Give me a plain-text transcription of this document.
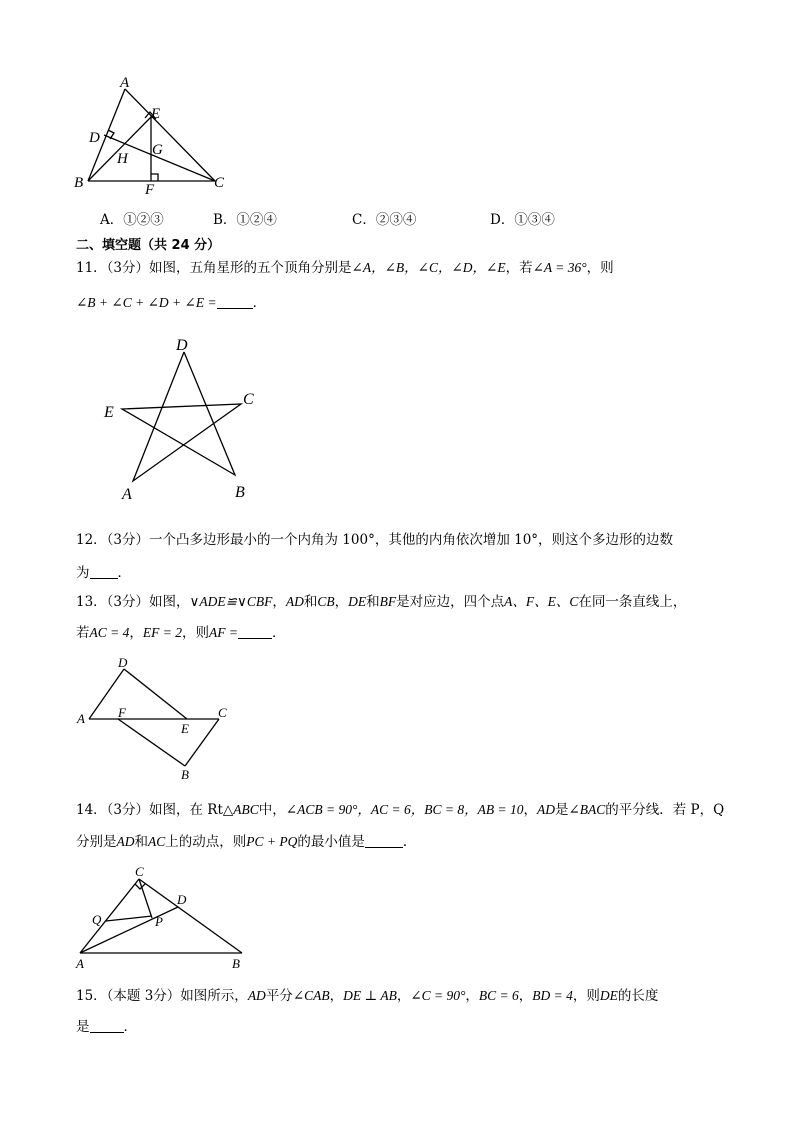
A
E
D
H
G
B	F	C
A．①②③	B．①②④	C．②③④	D．①③④
二、填空题（共 24 分）
11．（3分）如图，五角星形的五个顶角分别是∠A，∠B，∠C，∠D，∠E，若∠A = 36°，则
∠B + ∠C + ∠D + ∠E =	．
D
E
C
A	B
12．（3分）一个凸多边形最小的一个内角为 100°，其他的内角依次增加 10°，则这个多边形的边数
为 ．
13．（3分）如图，∨ADE≌∨CBF，AD和CB，DE和BF是对应边，四个点A、F、E、C在同一条直线上，
若AC = 4，EF = 2，则AF =	．
D
A	F
E
C
B
14．（3分）如图，在 Rt△ABC中，∠ACB = 90°，AC = 6，BC = 8，AB = 10，AD是∠BAC的平分线．若 P，Q
分别是AD和AC上的动点，则PC + PQ的最小值是	．
C
D
Q	P
A	B
15．（本题 3分）如图所示，AD平分∠CAB，DE ⊥ AB，∠C = 90°，BC = 6，BD = 4，则DE的长度
是	．
